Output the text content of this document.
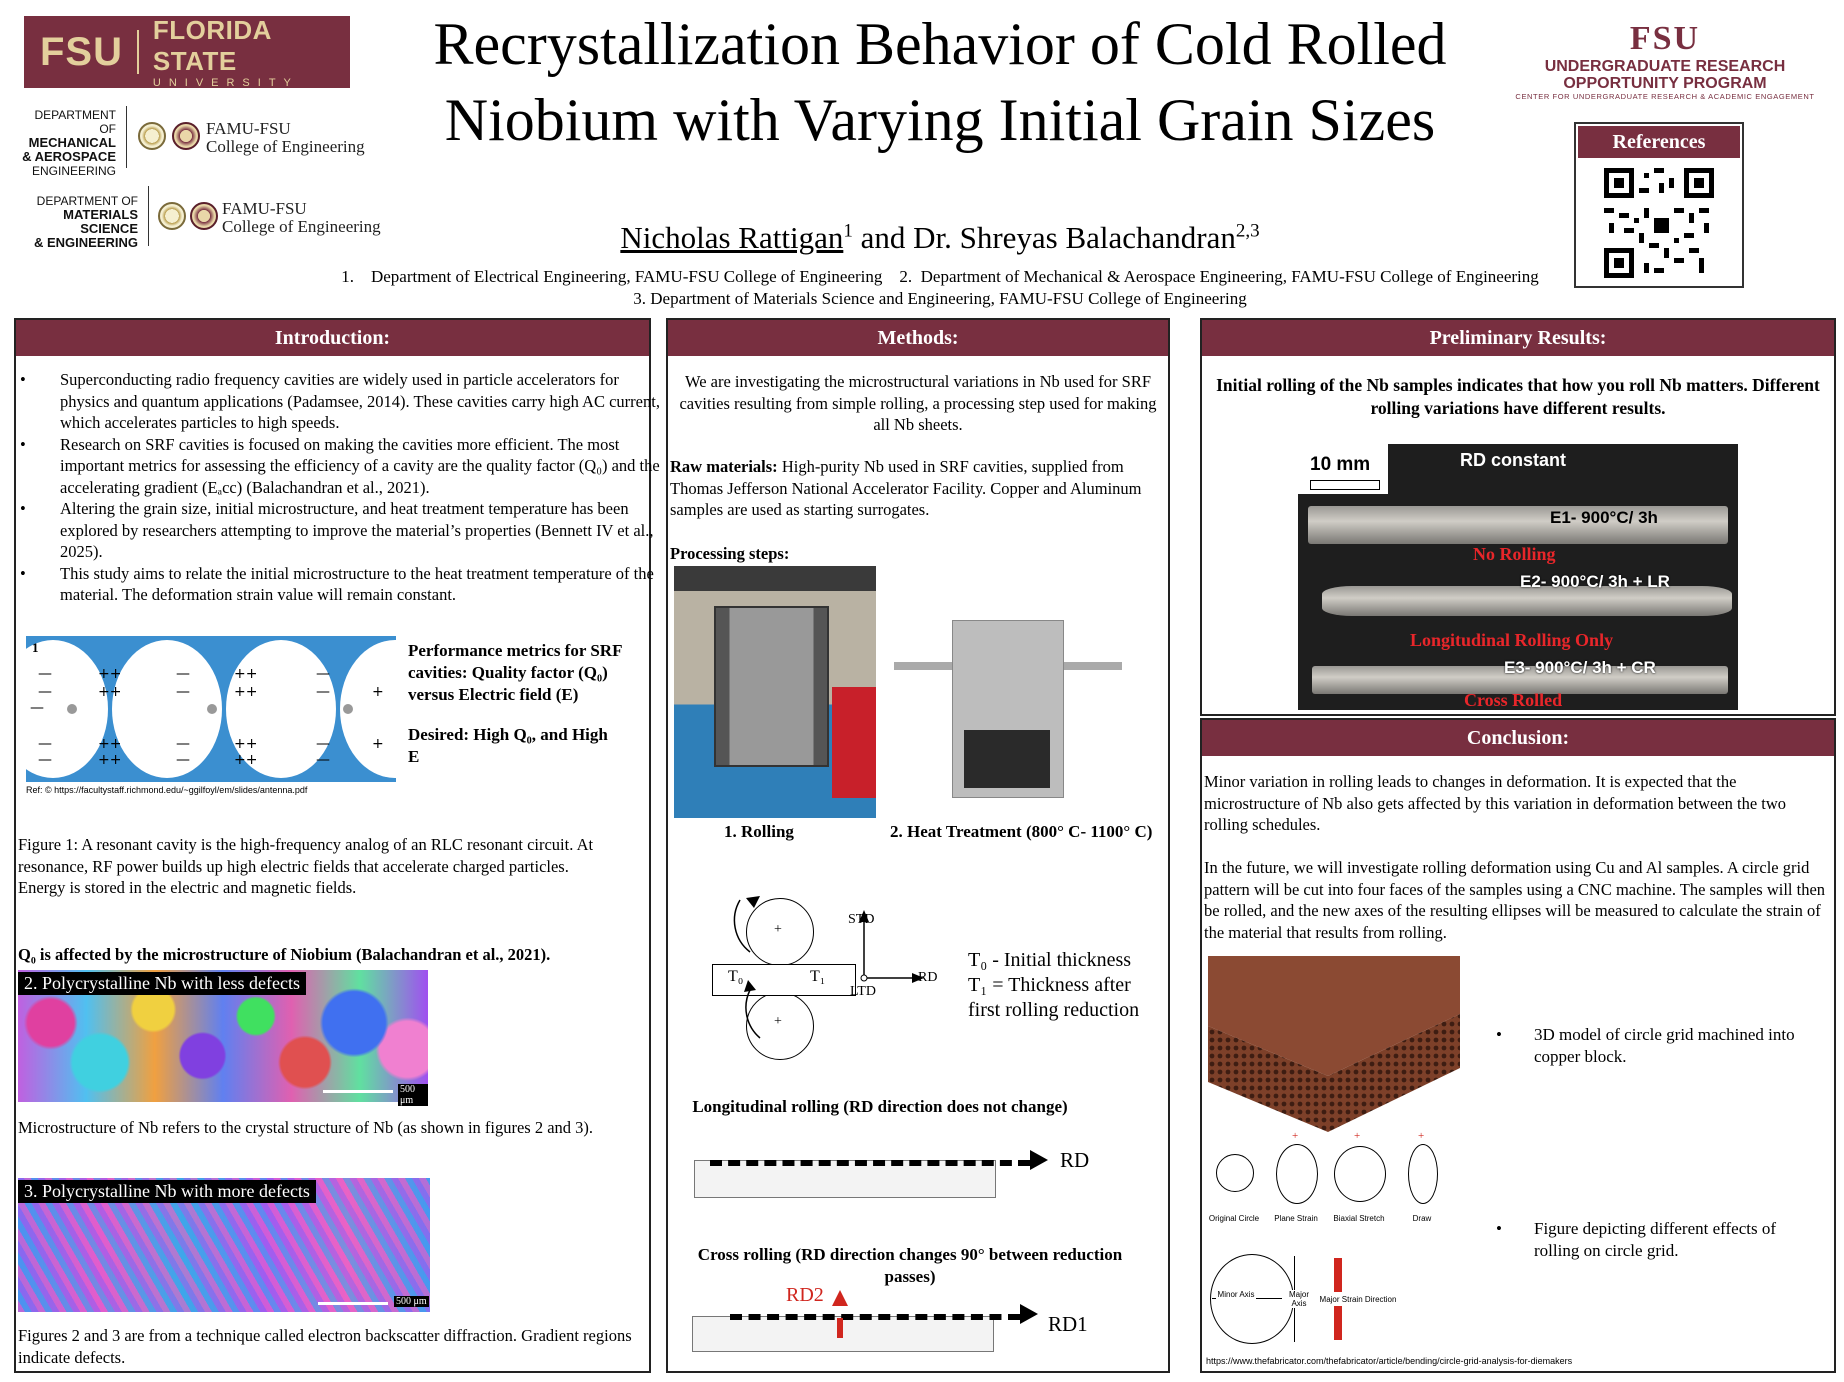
FSU	FLORIDA STATE
UNIVERSITY
DEPARTMENT OF
MECHANICAL
& AEROSPACE
ENGINEERING
FAMU-FSU
College of Engineering
DEPARTMENT OF
MATERIALS SCIENCE
& ENGINEERING
FAMU-FSU
College of Engineering
Recrystallization Behavior of Cold Rolled Niobium with Varying Initial Grain Sizes
Nicholas Rattigan$^1$ and Dr. Shreyas Balachandran$^{2,3}$
1.    Department of Electrical Engineering, FAMU-FSU College of Engineering    2.  Department of Mechanical & Aerospace Engineering, FAMU-FSU College of Engineering
3. Department of Materials Science and Engineering, FAMU-FSU College of Engineering
FSU
UNDERGRADUATE RESEARCH
OPPORTUNITY PROGRAM
CENTER FOR UNDERGRADUATE RESEARCH & ACADEMIC ENGAGEMENT
References
Introduction:
• Superconducting radio frequency cavities are widely used in particle accelerators for physics and quantum applications (Padamsee, 2014). These cavities carry high AC current, which accelerates particles to high speeds.
• Research on SRF cavities is focused on making the cavities more efficient. The most important metrics for assessing the efficiency of a cavity are the quality factor (Q₀) and the accelerating gradient (Eₐcc) (Balachandran et al., 2021).
• Altering the grain size, initial microstructure, and heat treatment temperature has been explored by researchers attempting to improve the material’s properties (Bennett IV et al., 2025).
• This study aims to relate the initial microstructure to the heat treatment temperature of the material. The deformation strain value will remain constant.
1
++
++
++
++
++
++
++
++
—
—
—
—
—
—
—
—
—
—
—
—
+
+
—
Performance metrics for SRF cavities: Quality factor (Q₀) versus Electric field (E)
Desired: High Q₀, and High E
Ref: © https://facultystaff.richmond.edu/~ggilfoyl/em/slides/antenna.pdf
Figure 1: A resonant cavity is the high-frequency analog of an RLC resonant circuit. At resonance, RF power builds up high electric fields that accelerate charged particles.
Energy is stored in the electric and magnetic fields.
Q₀ is affected by the microstructure of Niobium (Balachandran et al., 2021).
2. Polycrystalline Nb with less defects
500 μm
Microstructure of Nb refers to the crystal structure of Nb (as shown in figures 2 and 3).
3. Polycrystalline Nb with more defects
500 μm
Figures 2 and 3 are from a technique called electron backscatter diffraction. Gradient regions indicate defects.
Methods:
We are investigating the microstructural variations in Nb used for SRF cavities resulting from simple rolling, a processing step used for making all Nb sheets.
Raw materials: High-purity Nb used in SRF cavities, supplied from Thomas Jefferson National Accelerator Facility. Copper and Aluminum samples are used as starting surrogates.
Processing steps:
1. Rolling	2. Heat Treatment (800° C- 1100° C)
+
+
T₀	T₁
STD
RD
LTD
T₀ - Initial thickness
T₁ = Thickness after
first rolling reduction
Longitudinal rolling (RD direction does not change)
RD
Cross rolling (RD direction changes 90° between reduction passes)
RD1
RD2
Preliminary Results:
Initial rolling of the Nb samples indicates that how you roll Nb matters. Different rolling variations have different results.
10 mm	RD constant
E1- 900°C/ 3h
No Rolling
E2- 900°C/ 3h + LR
Longitudinal Rolling Only
E3- 900°C/ 3h + CR
Cross Rolled
Conclusion:
Minor variation in rolling leads to changes in deformation. It is expected that the microstructure of Nb also gets affected by this variation in deformation between the two rolling schedules.
In the future, we will investigate rolling deformation using Cu and Al samples. A circle grid pattern will be cut into four faces of the samples using a CNC machine. The samples will then be rolled, and the new axes of the resulting ellipses will be measured to calculate the strain of the material that results from rolling.
• 3D model of circle grid machined into copper block.
• Figure depicting different effects of rolling on circle grid.
+	+	+
Original Circle	Plane Strain	Biaxial Stretch	Draw
Minor Axis	Major Axis	Major Strain Direction
https://www.thefabricator.com/thefabricator/article/bending/circle-grid-analysis-for-diemakers
